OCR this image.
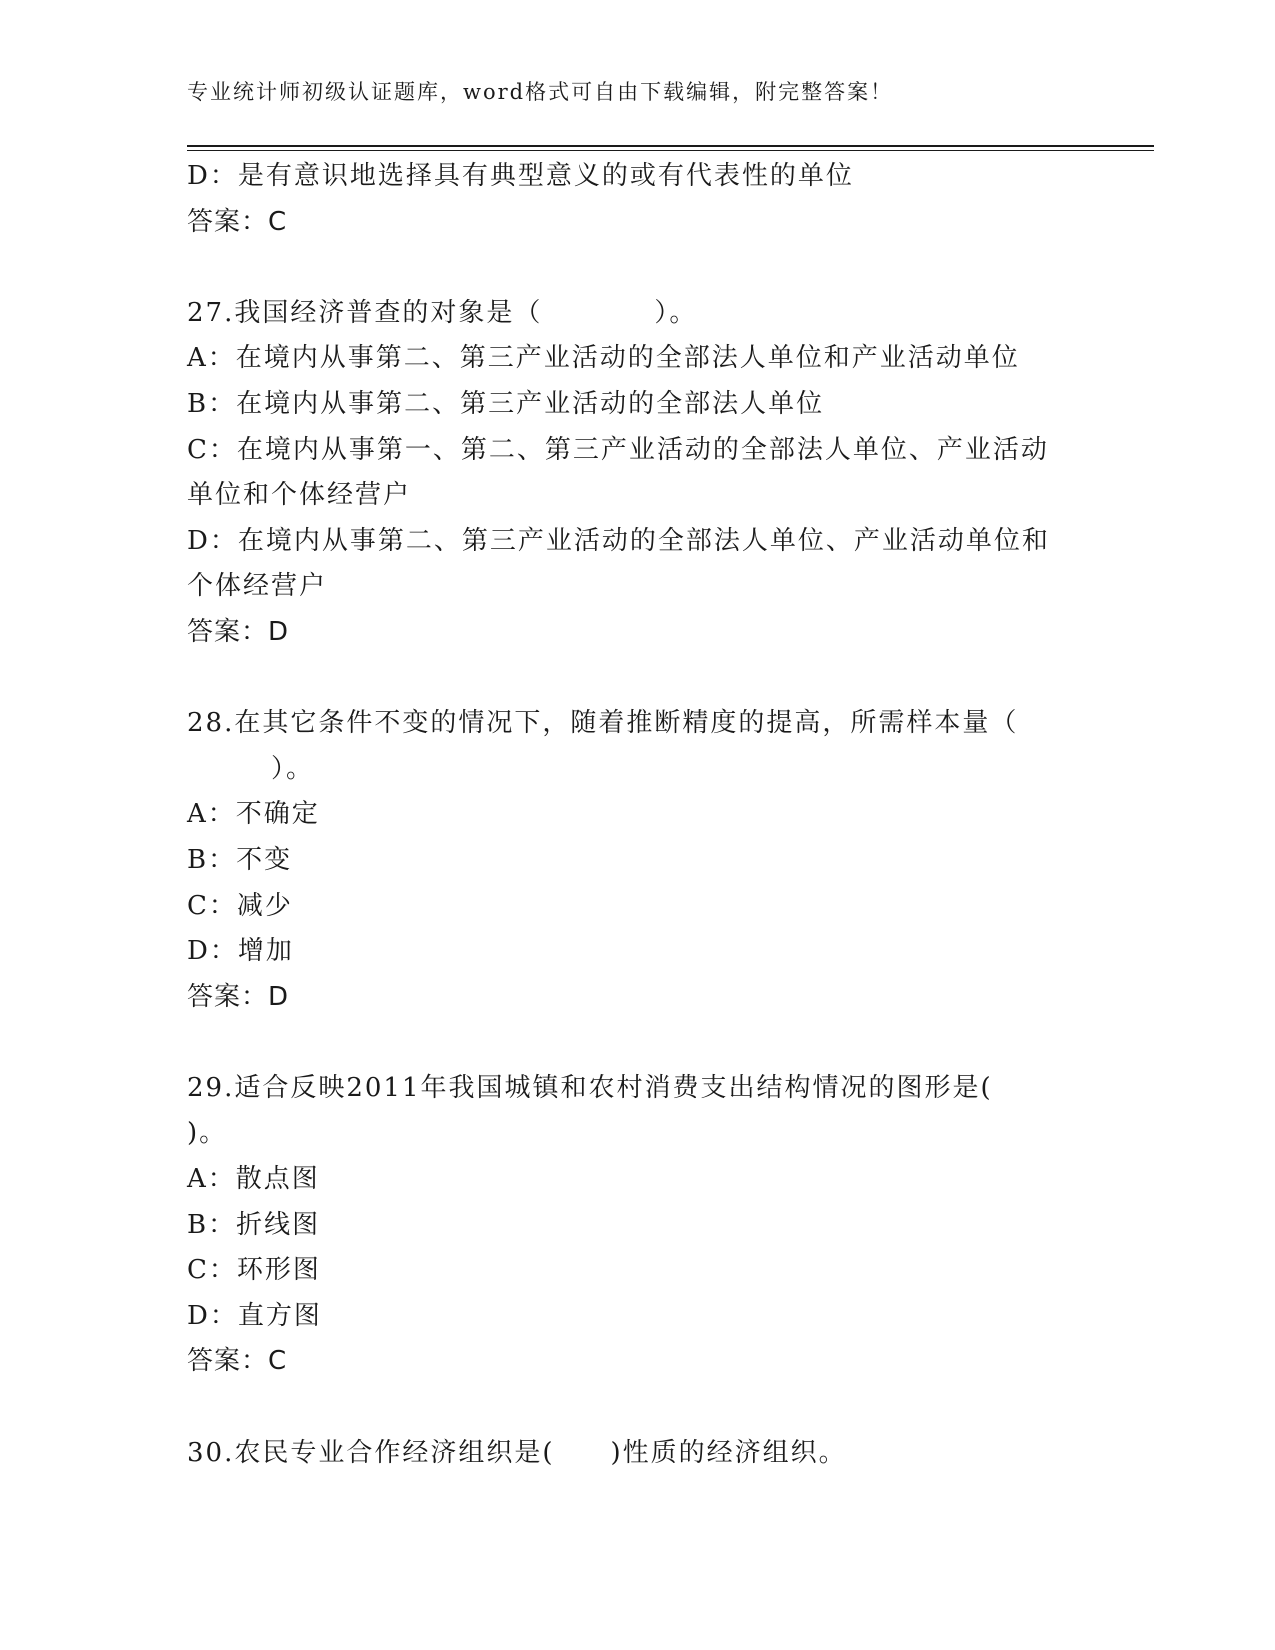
专业统计师初级认证题库，word格式可自由下载编辑，附完整答案！
D：是有意识地选择具有典型意义的或有代表性的单位
答案：C
27.我国经济普查的对象是（　　　　）。
A：在境内从事第二、第三产业活动的全部法人单位和产业活动单位
B：在境内从事第二、第三产业活动的全部法人单位
C：在境内从事第一、第二、第三产业活动的全部法人单位、产业活动
单位和个体经营户
D：在境内从事第二、第三产业活动的全部法人单位、产业活动单位和
个体经营户
答案：D
28.在其它条件不变的情况下，随着推断精度的提高，所需样本量（
　　　）。
A：不确定
B：不变
C：减少
D：增加
答案：D
29.适合反映2011年我国城镇和农村消费支出结构情况的图形是(
)。
A：散点图
B：折线图
C：环形图
D：直方图
答案：C
30.农民专业合作经济组织是(　　)性质的经济组织。
